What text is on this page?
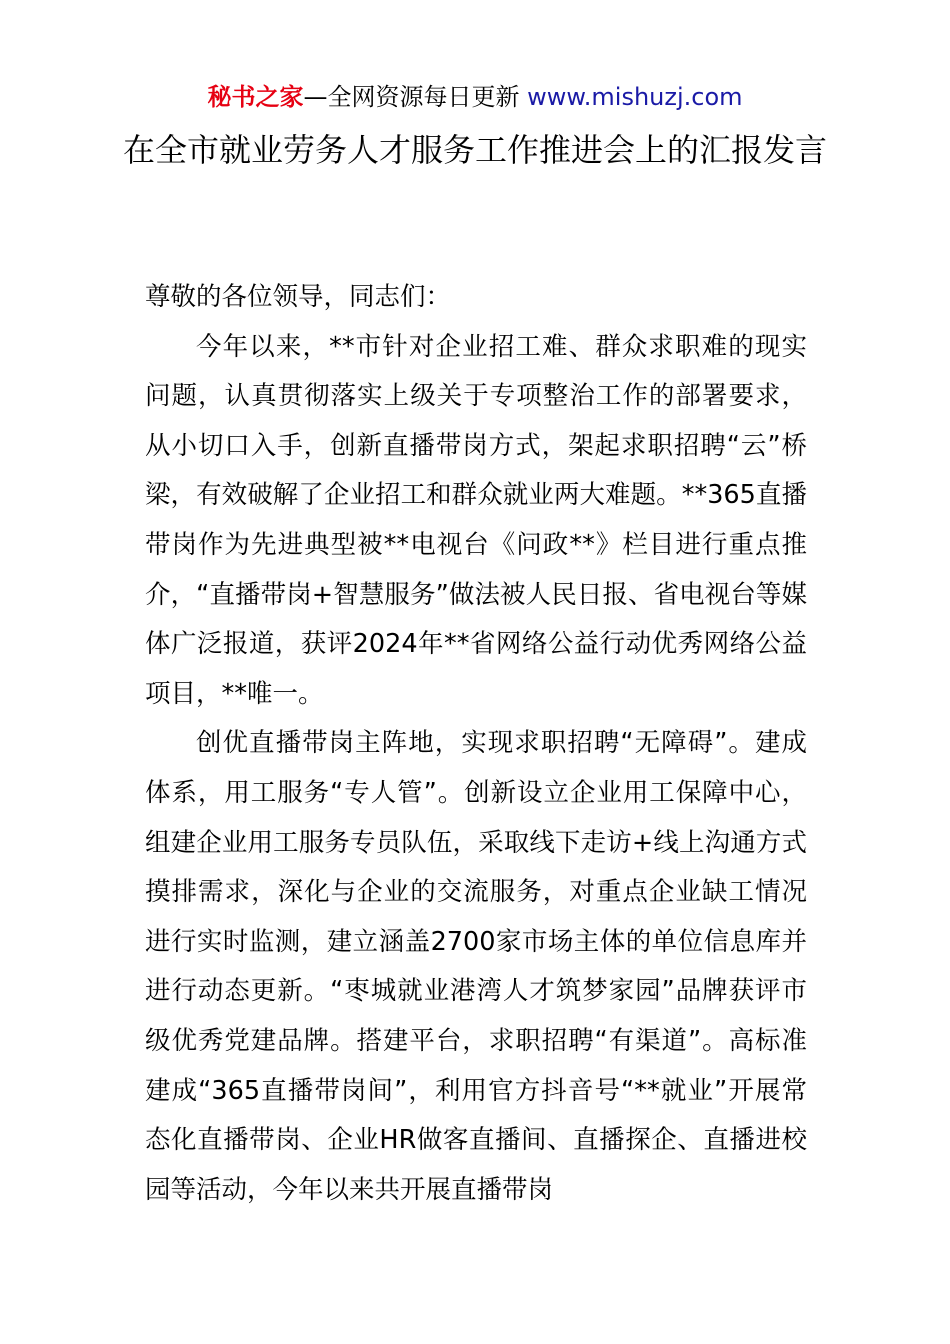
秘书之家—全网资源每日更新 www.mishuzj.com
在全市就业劳务人才服务工作推进会上的汇报发言

尊敬的各位领导，同志们：

今年以来，**市针对企业招工难、群众求职难的现实问题，认真贯彻落实上级关于专项整治工作的部署要求，从小切口入手，创新直播带岗方式，架起求职招聘“云”桥梁，有效破解了企业招工和群众就业两大难题。**365直播带岗作为先进典型被**电视台《问政**》栏目进行重点推介，“直播带岗+智慧服务”做法被人民日报、省电视台等媒体广泛报道，获评2024年**省网络公益行动优秀网络公益项目，**唯一。

创优直播带岗主阵地，实现求职招聘“无障碍”。建成体系，用工服务“专人管”。创新设立企业用工保障中心，组建企业用工服务专员队伍，采取线下走访+线上沟通方式摸排需求，深化与企业的交流服务，对重点企业缺工情况进行实时监测，建立涵盖2700家市场主体的单位信息库并进行动态更新。“枣城就业港湾人才筑梦家园”品牌获评市级优秀党建品牌。搭建平台，求职招聘“有渠道”。高标准建成“365直播带岗间”，利用官方抖音号“**就业”开展常态化直播带岗、企业HR做客直播间、直播探企、直播进校园等活动，今年以来共开展直播带岗
